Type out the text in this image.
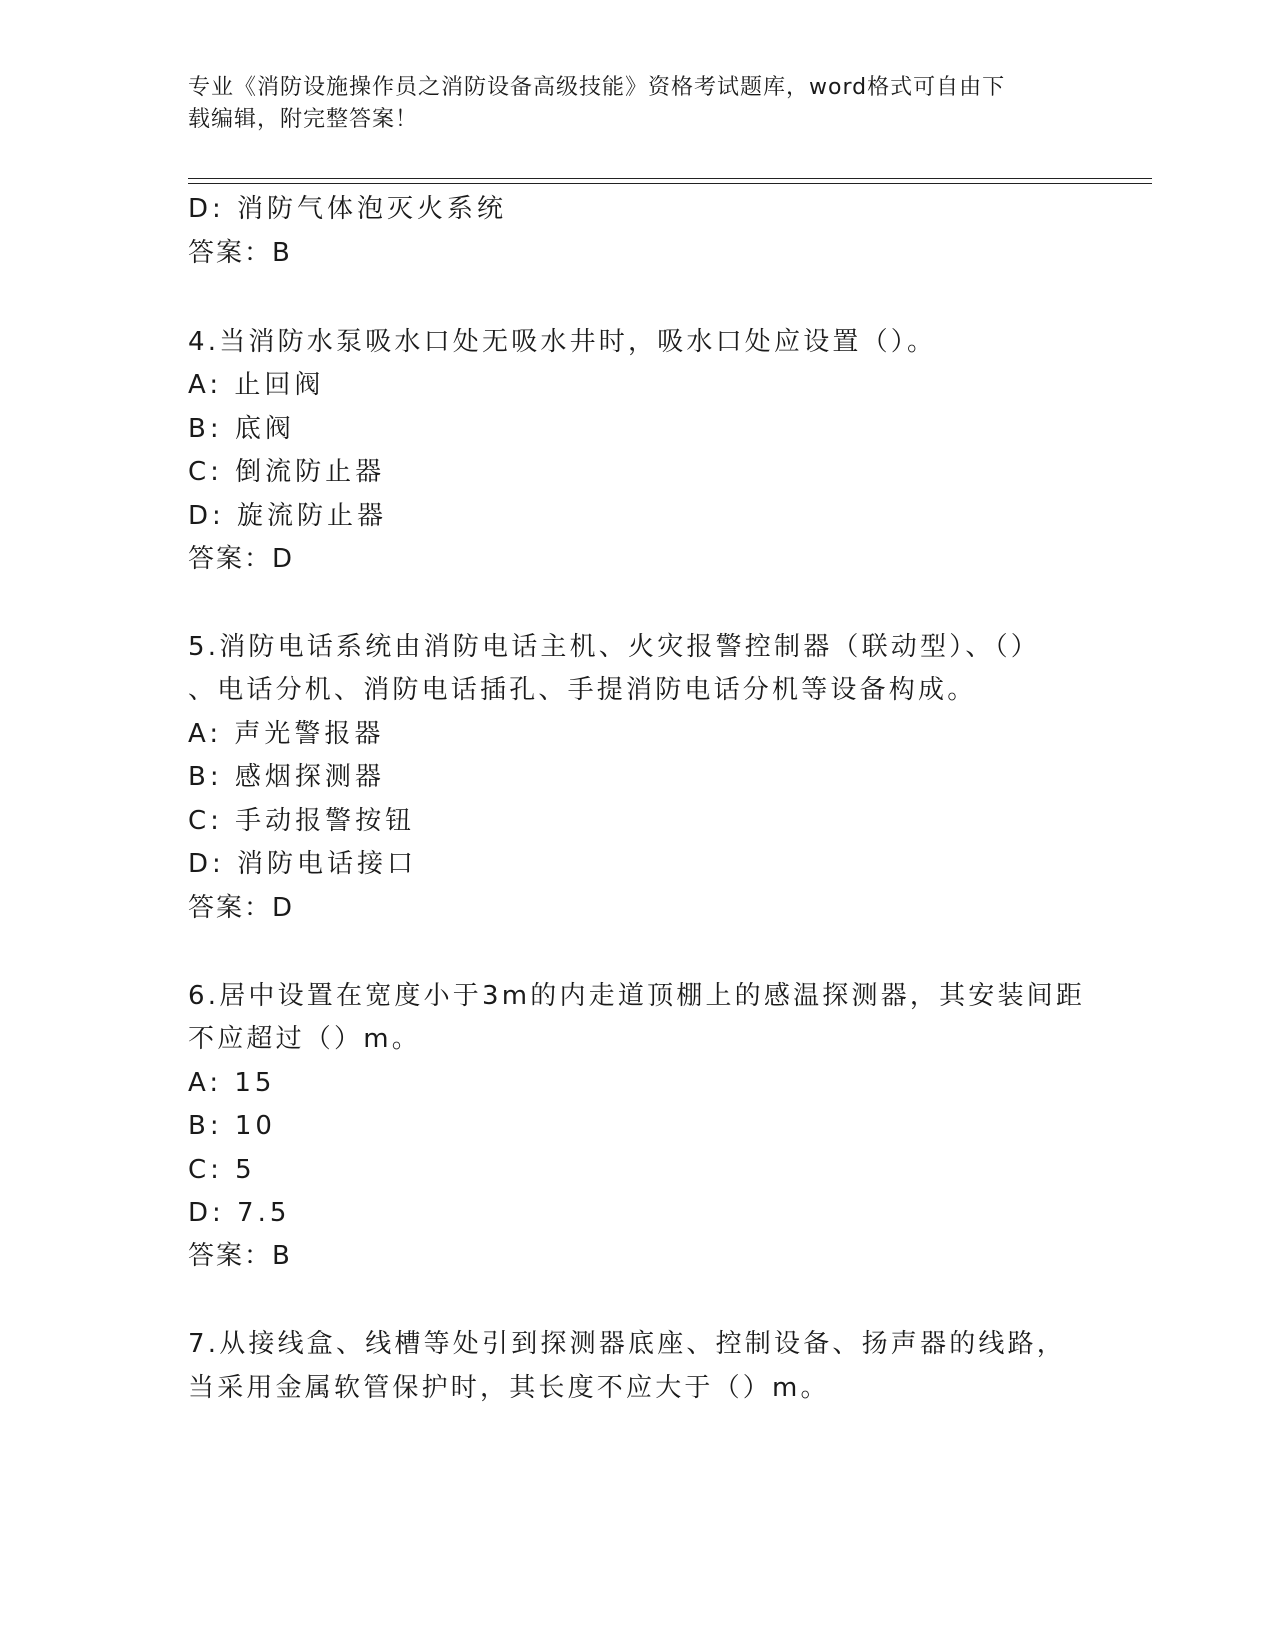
专业《消防设施操作员之消防设备高级技能》资格考试题库，word格式可自由下
载编辑，附完整答案！
D: 消防气体泡灭火系统
答案：B
4.当消防水泵吸水口处无吸水井时，吸水口处应设置（）。
A: 止回阀
B: 底阀
C: 倒流防止器
D: 旋流防止器
答案：D
5.消防电话系统由消防电话主机、火灾报警控制器（联动型）、（）
、电话分机、消防电话插孔、手提消防电话分机等设备构成。
A: 声光警报器
B: 感烟探测器
C: 手动报警按钮
D: 消防电话接口
答案：D
6.居中设置在宽度小于3m的内走道顶棚上的感温探测器，其安装间距
不应超过（）m。
A: 15
B: 10
C: 5
D: 7.5
答案：B
7.从接线盒、线槽等处引到探测器底座、控制设备、扬声器的线路，
当采用金属软管保护时，其长度不应大于（）m。
